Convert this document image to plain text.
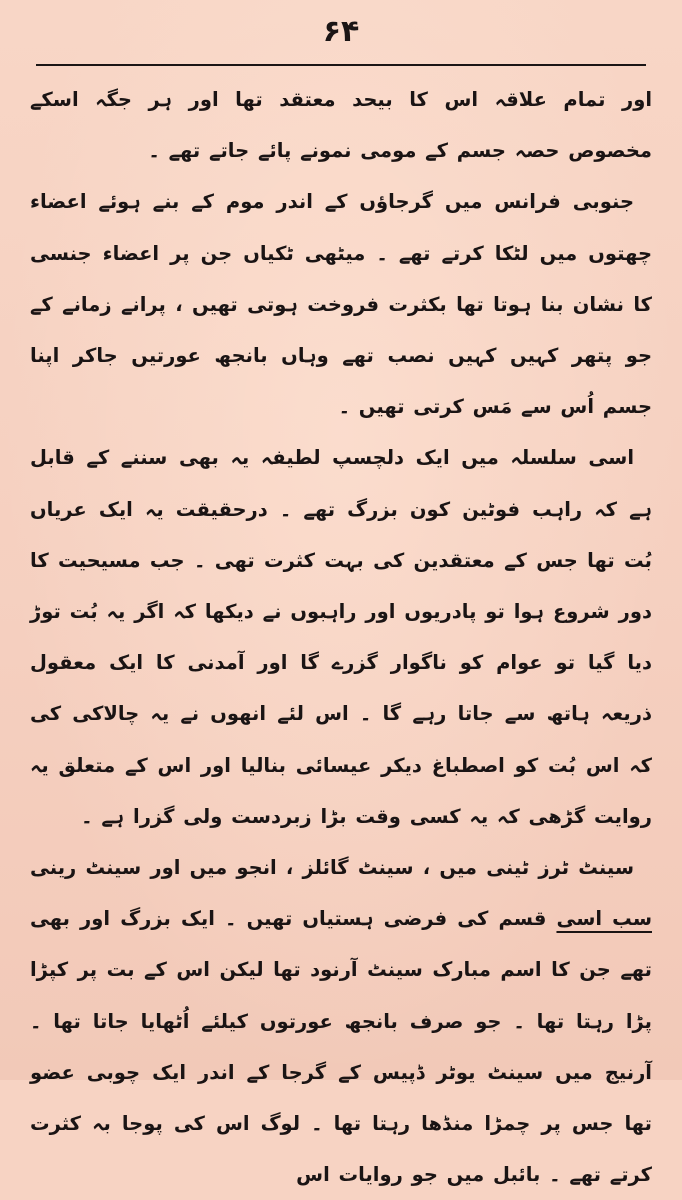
۶۴

اور تمام علاقہ اس کا بیحد معتقد تھا اور ہر جگہ اسکے مخصوص حصہ جسم کے مومی نمونے پائے جاتے تھے ۔

جنوبی فرانس میں گرجاؤں کے اندر موم کے بنے ہوئے اعضاء چھتوں میں لٹکا کرتے تھے ۔ میٹھی ٹکیاں جن پر اعضاء جنسی کا نشان بنا ہوتا تھا بکثرت فروخت ہوتی تھیں ، پرانے زمانے کے جو پتھر کہیں کہیں نصب تھے وہاں بانجھ عورتیں جاکر اپنا جسم اُس سے مَس کرتی تھیں ۔

اسی سلسلہ میں ایک دلچسپ لطیفہ یہ بھی سننے کے قابل ہے کہ راہب فوٹین کون بزرگ تھے ۔ درحقیقت یہ ایک عریاں بُت تھا جس کے معتقدین کی بہت کثرت تھی ۔ جب مسیحیت کا دور شروع ہوا تو پادریوں اور راہبوں نے دیکھا کہ اگر یہ بُت توڑ دیا گیا تو عوام کو ناگوار گزرے گا اور آمدنی کا ایک معقول ذریعہ ہاتھ سے جاتا رہے گا ۔ اس لئے انھوں نے یہ چالاکی کی کہ اس بُت کو اصطباغ دیکر عیسائی بنالیا اور اس کے متعلق یہ روایت گڑھی کہ یہ کسی وقت بڑا زبردست ولی گزرا ہے ۔

سینٹ ٹرز ٹینی میں ، سینٹ گائلز ، انجو میں اور سینٹ رینی سب اسی قسم کی فرضی ہستیاں تھیں ۔ ایک بزرگ اور بھی تھے جن کا اسم مبارک سینٹ آرنود تھا لیکن اس کے بت پر کپڑا پڑا رہتا تھا ۔ جو صرف بانجھ عورتوں کیلئے اُٹھایا جاتا تھا ۔ آرنیج میں سینٹ یوٹر ڈپیس کے گرجا کے اندر ایک چوبی عضو تھا جس پر چمڑا منڈھا رہتا تھا ۔ لوگ اس کی پوجا بہ کثرت کرتے تھے ۔ بائبل میں جو روایات اس
